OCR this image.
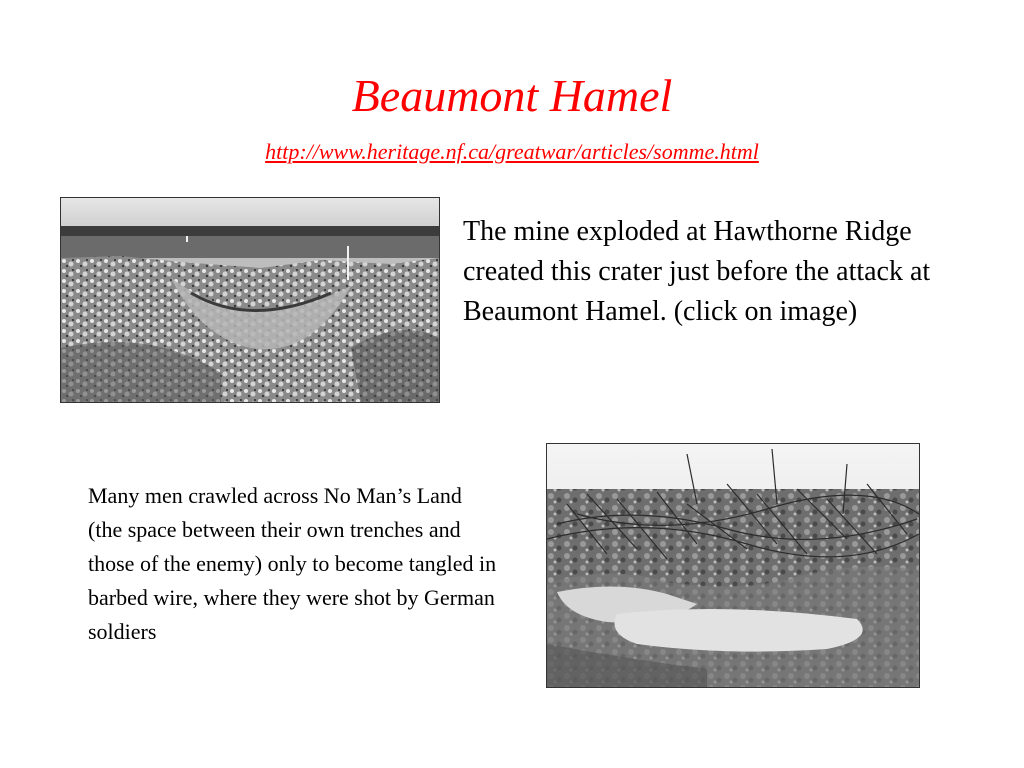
Beaumont Hamel
http://www.heritage.nf.ca/greatwar/articles/somme.html
The mine exploded at Hawthorne Ridge created this crater just before the attack at Beaumont Hamel. (click on image)
Many men crawled across No Man’s Land (the space between their own trenches and those of the enemy) only to become tangled in barbed wire, where they were shot by German soldiers
